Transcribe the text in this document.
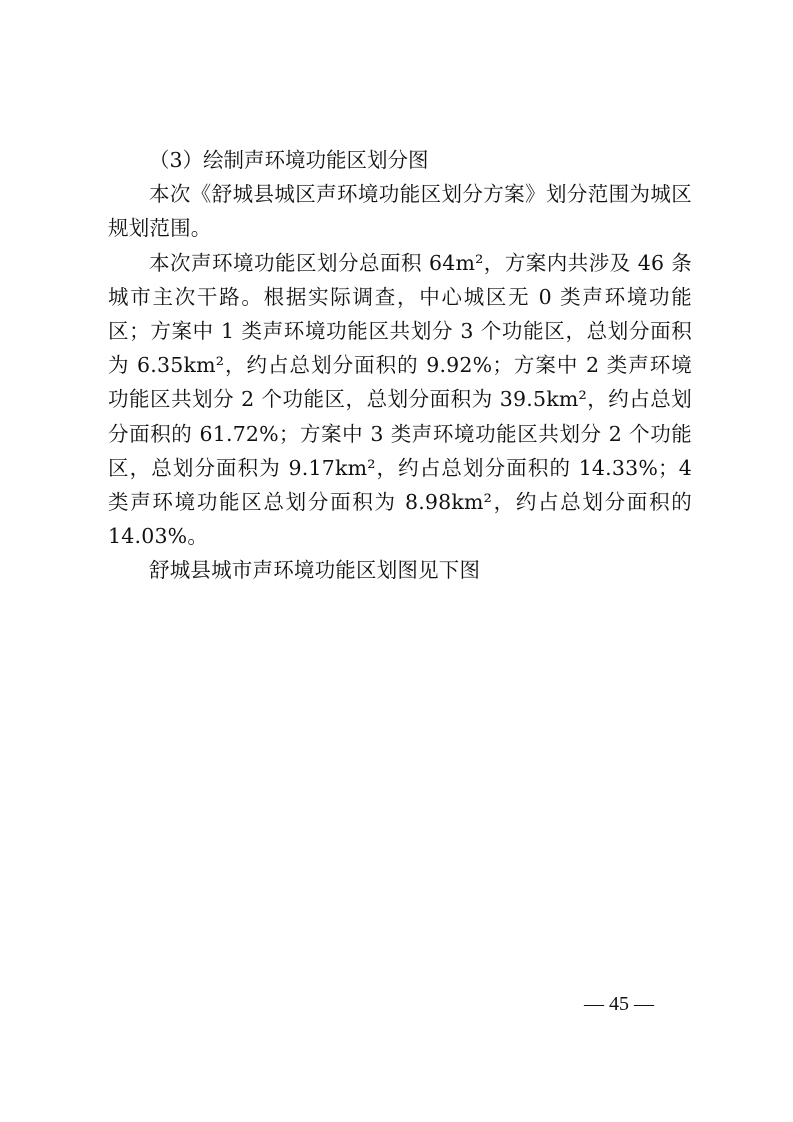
（3）绘制声环境功能区划分图

本次《舒城县城区声环境功能区划分方案》划分范围为城区规划范围。

本次声环境功能区划分总面积 64m²，方案内共涉及 46 条城市主次干路。根据实际调查，中心城区无 0 类声环境功能区；方案中 1 类声环境功能区共划分 3 个功能区，总划分面积为 6.35km²，约占总划分面积的 9.92%；方案中 2 类声环境功能区共划分 2 个功能区，总划分面积为 39.5km²，约占总划分面积的 61.72%；方案中 3 类声环境功能区共划分 2 个功能区，总划分面积为 9.17km²，约占总划分面积的 14.33%；4 类声环境功能区总划分面积为 8.98km²，约占总划分面积的 14.03%。

舒城县城市声环境功能区划图见下图

— 45 —
